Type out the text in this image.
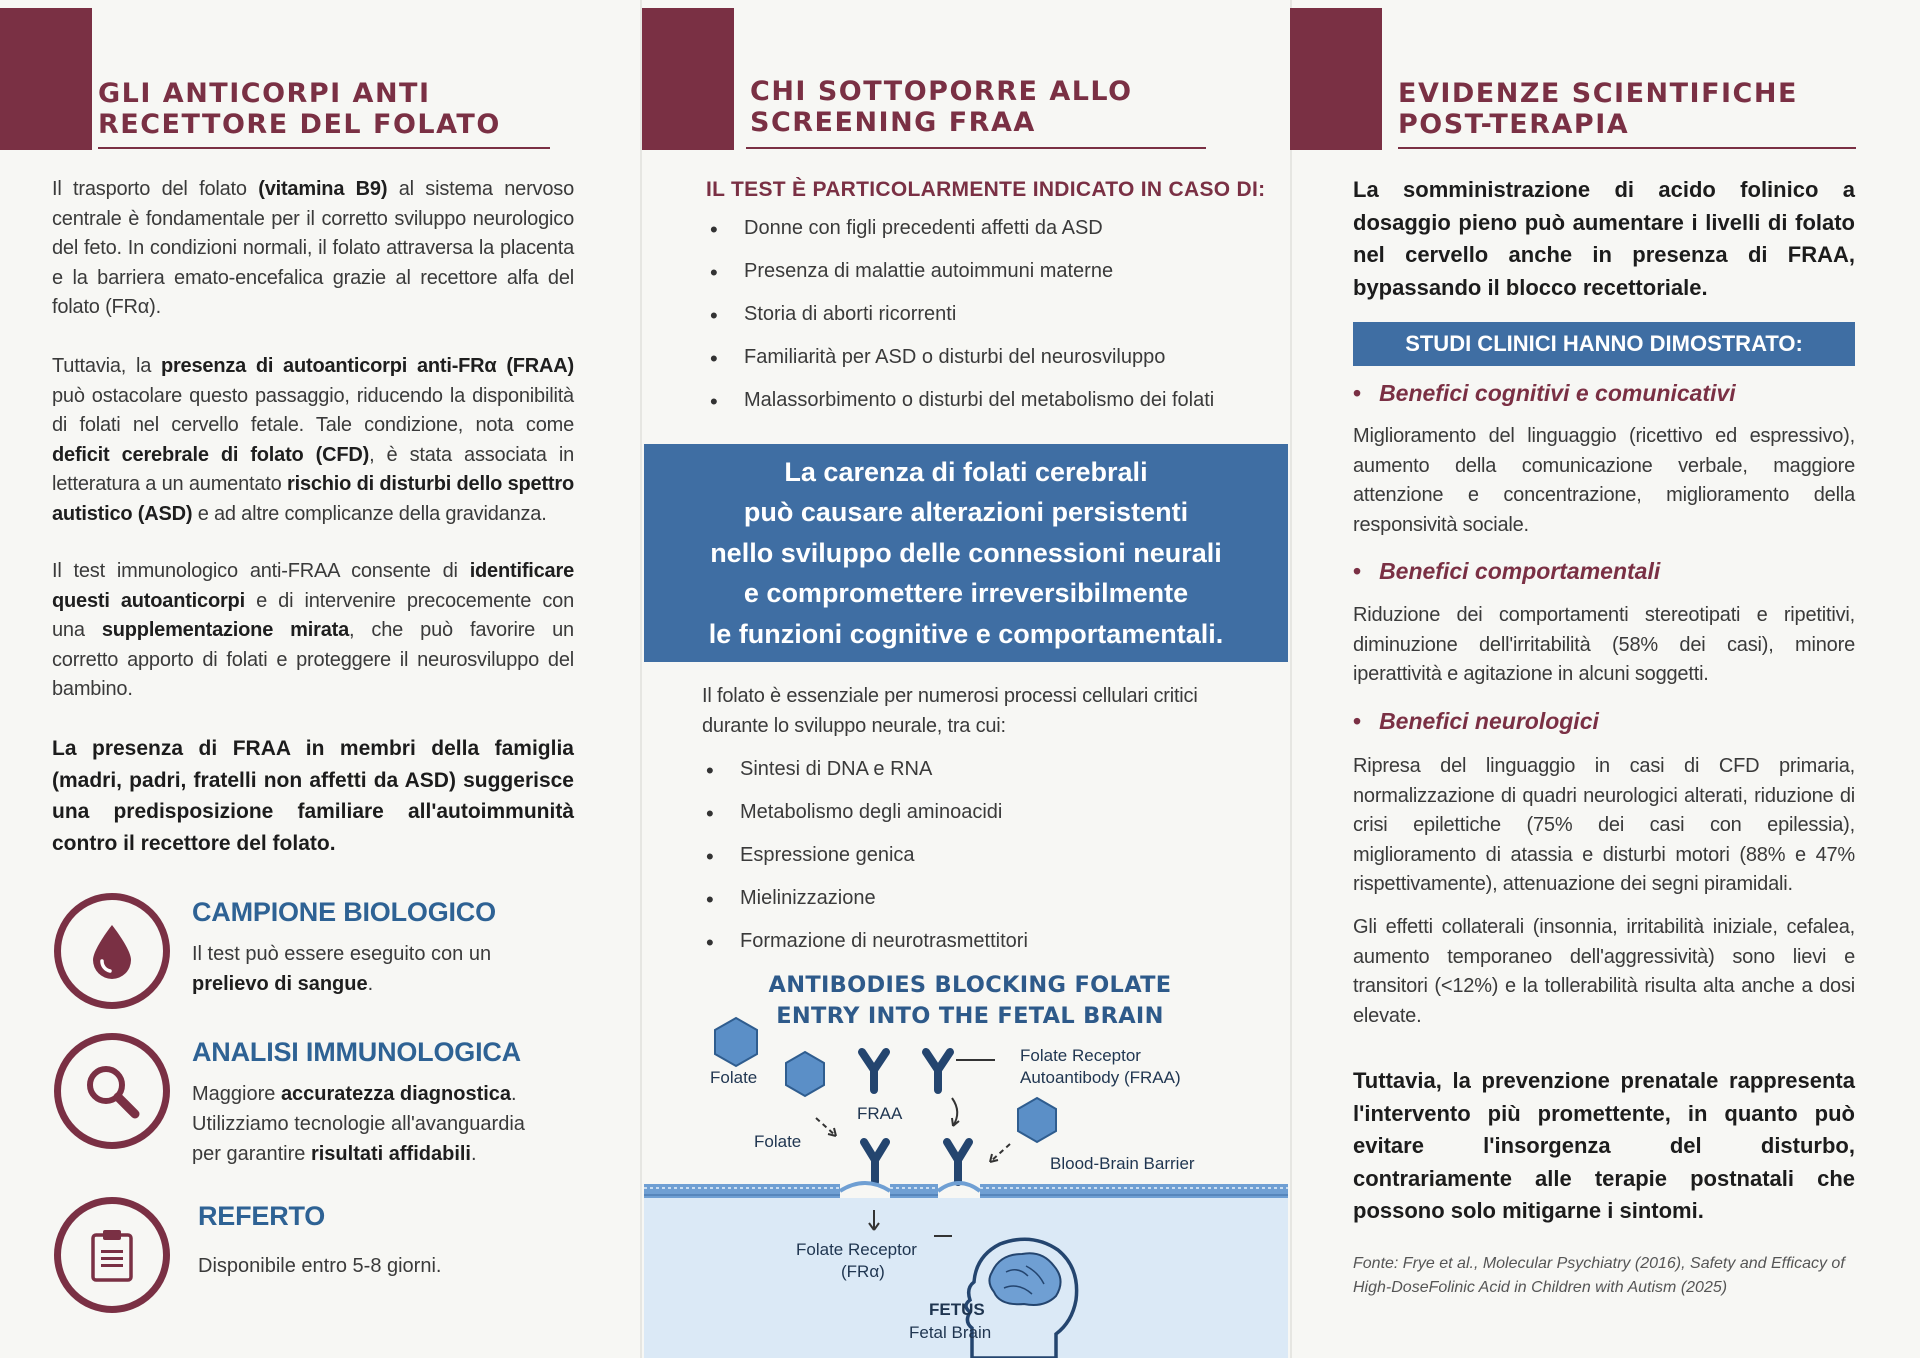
GLI ANTICORPI ANTI
RECETTORE DEL FOLATO

Il trasporto del folato (vitamina B9) al sistema nervoso centrale è fondamentale per il corretto sviluppo neurologico del feto. In condizioni normali, il folato attraversa la placenta e la barriera emato-encefalica grazie al recettore alfa del folato (FRα).

Tuttavia, la presenza di autoanticorpi anti-FRα (FRAA) può ostacolare questo passaggio, riducendo la disponibilità di folati nel cervello fetale. Tale condizione, nota come deficit cerebrale di folato (CFD), è stata associata in letteratura a un aumentato rischio di disturbi dello spettro autistico (ASD) e ad altre complicanze della gravidanza.

Il test immunologico anti-FRAA consente di identificare questi autoanticorpi e di intervenire precocemente con una supplementazione mirata, che può favorire un corretto apporto di folati e proteggere il neurosviluppo del bambino.

La presenza di FRAA in membri della famiglia (madri, padri, fratelli non affetti da ASD) suggerisce una predisposizione familiare all'autoimmunità contro il recettore del folato.

CAMPIONE BIOLOGICO
Il test può essere eseguito con un prelievo di sangue.
ANALISI IMMUNOLOGICA
Maggiore accuratezza diagnostica. Utilizziamo tecnologie all'avanguardia per garantire risultati affidabili.
REFERTO
Disponibile entro 5-8 giorni.
CHI SOTTOPORRE ALLO
SCREENING FRAA
IL TEST È PARTICOLARMENTE INDICATO IN CASO DI:
• Donne con figli precedenti affetti da ASD
• Presenza di malattie autoimmuni materne
• Storia di aborti ricorrenti
• Familiarità per ASD o disturbi del neurosviluppo
• Malassorbimento o disturbi del metabolismo dei folati
La carenza di folati cerebrali
può causare alterazioni persistenti
nello sviluppo delle connessioni neurali
e compromettere irreversibilmente
le funzioni cognitive e comportamentali.

Il folato è essenziale per numerosi processi cellulari critici durante lo sviluppo neurale, tra cui:

• Sintesi di DNA e RNA
• Metabolismo degli aminoacidi
• Espressione genica
• Mielinizzazione
• Formazione di neurotrasmettitori
ANTIBODIES BLOCKING FOLATE
ENTRY INTO THE FETAL BRAIN
Folate
Folate
FRAA
Folate Receptor
Autoantibody (FRAA)
Blood-Brain Barrier
Folate Receptor
(FRα)
FETUS
Fetal Brain
EVIDENZE SCIENTIFICHE
POST-TERAPIA

La somministrazione di acido folinico a dosaggio pieno può aumentare i livelli di folato nel cervello anche in presenza di FRAA, bypassando il blocco recettoriale.

STUDI CLINICI HANNO DIMOSTRATO:
• Benefici cognitivi e comunicativi

Miglioramento del linguaggio (ricettivo ed espressivo), aumento della comunicazione verbale, maggiore attenzione e concentrazione, miglioramento della responsività sociale.

• Benefici comportamentali

Riduzione dei comportamenti stereotipati e ripetitivi, diminuzione dell'irritabilità (58% dei casi), minore iperattività e agitazione in alcuni soggetti.

• Benefici neurologici

Ripresa del linguaggio in casi di CFD primaria, normalizzazione di quadri neurologici alterati, riduzione di crisi epilettiche (75% dei casi con epilessia), miglioramento di atassia e disturbi motori (88% e 47% rispettivamente), attenuazione dei segni piramidali.

Gli effetti collaterali (insonnia, irritabilità iniziale, cefalea, aumento temporaneo dell'aggressività) sono lievi e transitori (<12%) e la tollerabilità risulta alta anche a dosi elevate.

Tuttavia, la prevenzione prenatale rappresenta l'intervento più promettente, in quanto può evitare l'insorgenza del disturbo, contrariamente alle terapie postnatali che possono solo mitigarne i sintomi.

Fonte: Frye et al., Molecular Psychiatry (2016), Safety and Efficacy of High-DoseFolinic Acid in Children with Autism (2025)
